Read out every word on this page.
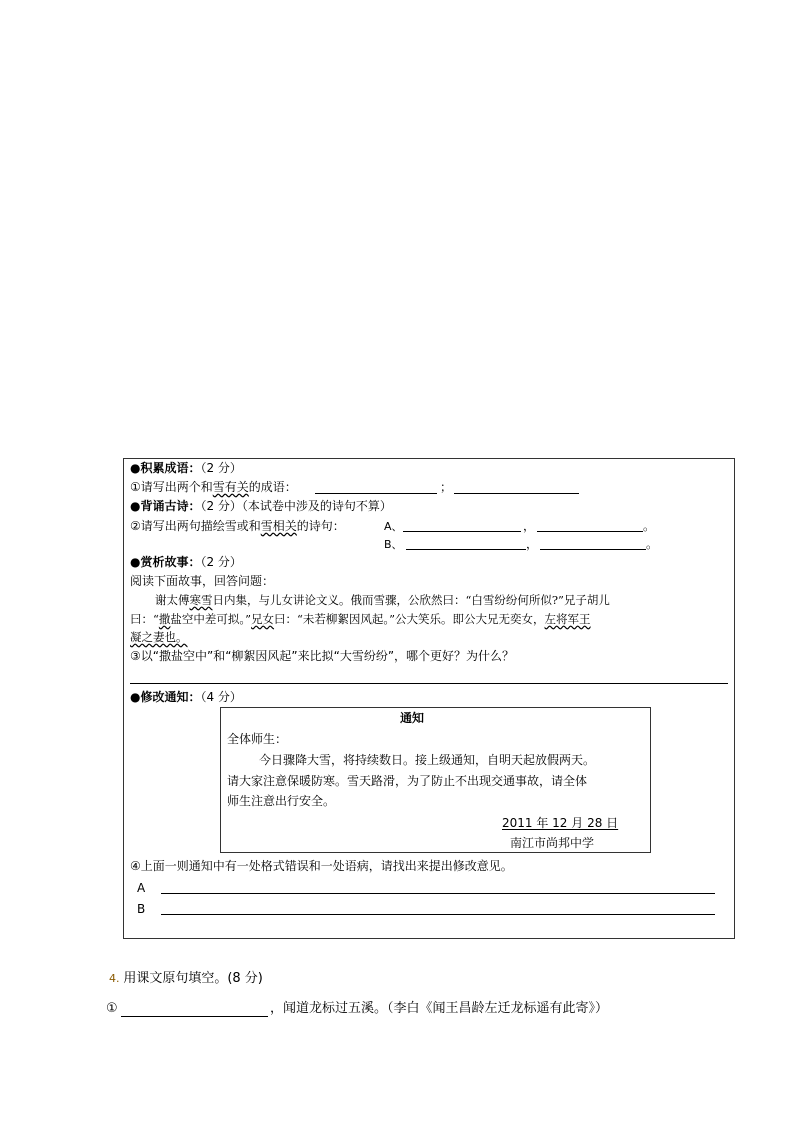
●积累成语：（2 分）
①请写出两个和雪有关的成语：	；
●背诵古诗：（2 分）（本试卷中涉及的诗句不算）
②请写出两句描绘雪或和雪相关的诗句：	A、	，	。
B、	，	。
●赏析故事：（2 分）
阅读下面故事，回答问题：
谢太傅寒雪日内集，与儿女讲论文义。俄而雪骤，公欣然曰：“白雪纷纷何所似?”兄子胡儿
曰：“撒盐空中差可拟。”兄女曰：“未若柳絮因风起。”公大笑乐。即公大兄无奕女，左将军王
凝之妻也。
③以“撒盐空中”和“柳絮因风起”来比拟“大雪纷纷”，哪个更好？为什么？
●修改通知：（4 分）
通知
全体师生：
今日骤降大雪，将持续数日。接上级通知，自明天起放假两天。
请大家注意保暖防寒。雪天路滑，为了防止不出现交通事故，请全体
师生注意出行安全。
2011 年 12 月 28 日
南江市尚邦中学
④上面一则通知中有一处格式错误和一处语病，请找出来提出修改意见。
A
B
4. 用课文原句填空。(8 分)
①	，闻道龙标过五溪。（李白《闻王昌龄左迁龙标遥有此寄》）
